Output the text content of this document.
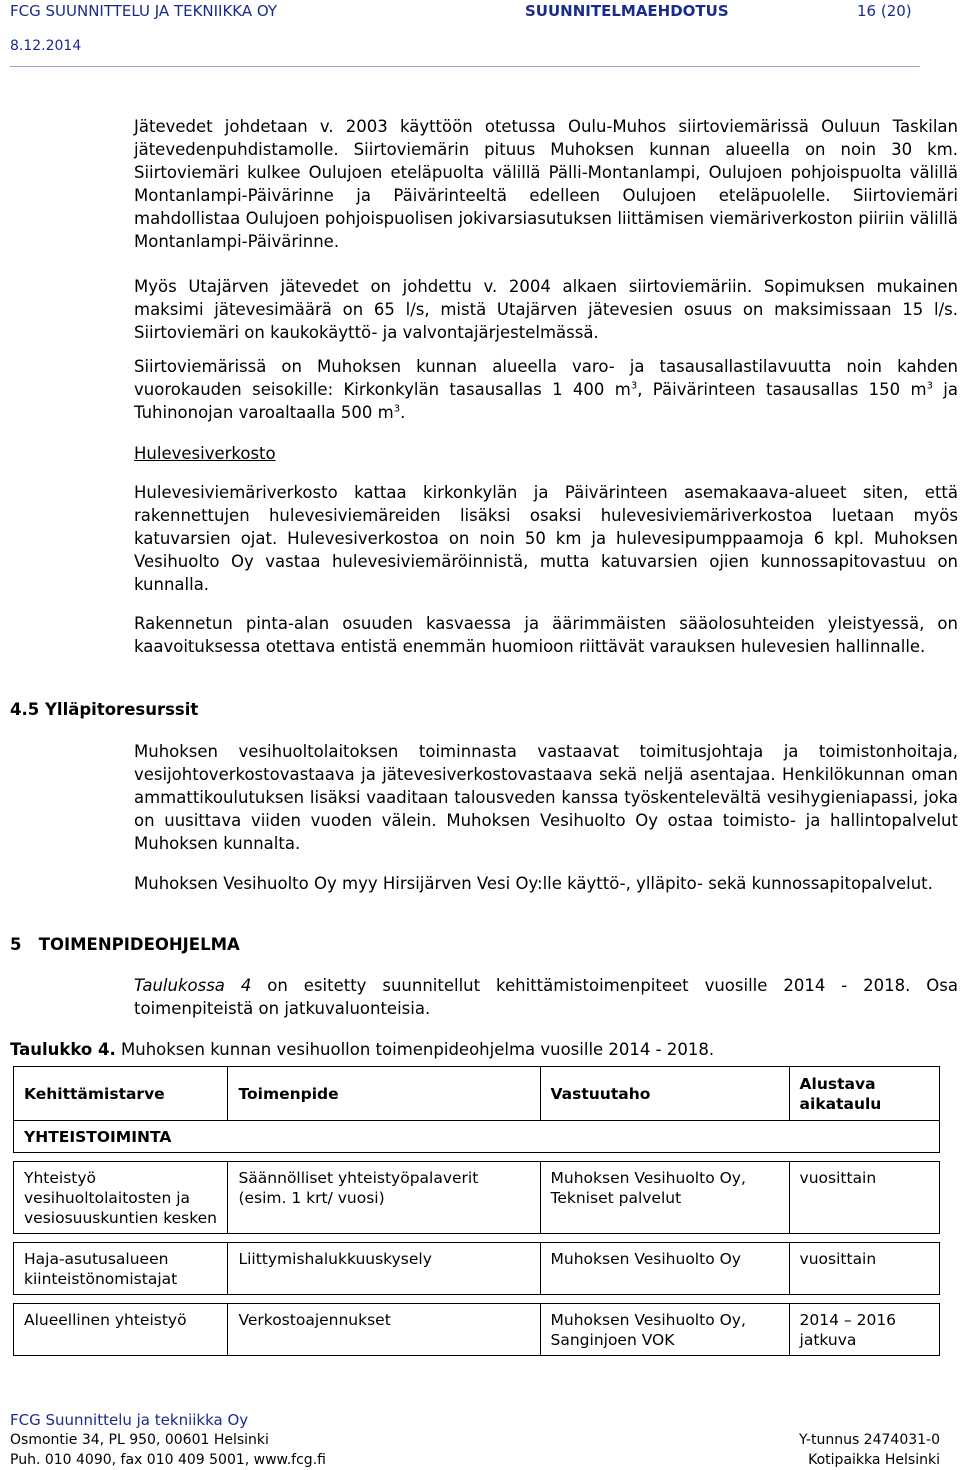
FCG SUUNNITTELU JA TEKNIIKKA OY	SUUNNITELMAEHDOTUS	16 (20)
8.12.2014

Jätevedet johdetaan v. 2003 käyttöön otetussa Oulu-Muhos siirtoviemärissä Ouluun Taskilan jätevedenpuhdistamolle. Siirtoviemärin pituus Muhoksen kunnan alueella on noin 30 km. Siirtoviemäri kulkee Oulujoen eteläpuolta välillä Pälli-Montanlampi, Oulujoen pohjoispuolta välillä Montanlampi-Päivärinne ja Päivärinteeltä edelleen Oulujoen eteläpuolelle. Siirtoviemäri mahdollistaa Oulujoen pohjoispuolisen jokivarsiasutuksen liittämisen viemäriverkoston piiriin välillä Montanlampi-Päivärinne.

Myös Utajärven jätevedet on johdettu v. 2004 alkaen siirtoviemäriin. Sopimuksen mukainen maksimi jätevesimäärä on 65 l/s, mistä Utajärven jätevesien osuus on maksimissaan 15 l/s. Siirtoviemäri on kaukokäyttö- ja valvontajärjestelmässä.

Siirtoviemärissä on Muhoksen kunnan alueella varo- ja tasausallastilavuutta noin kahden vuorokauden seisokille: Kirkonkylän tasausallas 1 400 $m^3$, Päivärinteen tasausallas 150 $m^3$ ja Tuhinonojan varoaltaalla 500 $m^3$.

Hulevesiverkosto

Hulevesiviemäriverkosto kattaa kirkonkylän ja Päivärinteen asemakaava-alueet siten, että rakennettujen hulevesiviemäreiden lisäksi osaksi hulevesiviemäriverkostoa luetaan myös katuvarsien ojat. Hulevesiverkostoa on noin 50 km ja hulevesipumppaamoja 6 kpl. Muhoksen Vesihuolto Oy vastaa hulevesiviemäröinnistä, mutta katuvarsien ojien kunnossapitovastuu on kunnalla.

Rakennetun pinta-alan osuuden kasvaessa ja äärimmäisten sääolosuhteiden yleistyessä, on kaavoituksessa otettava entistä enemmän huomioon riittävät varauksen hulevesien hallinnalle.

4.5 Ylläpitoresurssit

Muhoksen vesihuoltolaitoksen toiminnasta vastaavat toimitusjohtaja ja toimistonhoitaja, vesijohtoverkostovastaava ja jätevesiverkostovastaava sekä neljä asentajaa. Henkilökunnan oman ammattikoulutuksen lisäksi vaaditaan talousveden kanssa työskentelevältä vesihygieniapassi, joka on uusittava viiden vuoden välein. Muhoksen Vesihuolto Oy ostaa toimisto- ja hallintopalvelut Muhoksen kunnalta.

Muhoksen Vesihuolto Oy myy Hirsijärven Vesi Oy:lle käyttö-, ylläpito- sekä kunnossapitopalvelut.

5   TOIMENPIDEOHJELMA

Taulukossa 4 on esitetty suunnitellut kehittämistoimenpiteet vuosille 2014 - 2018. Osa toimenpiteistä on jatkuvaluonteisia.

Taulukko 4. Muhoksen kunnan vesihuollon toimenpideohjelma vuosille 2014 - 2018.
Kehittämistarve	Toimenpide	Vastuutaho	Alustava aikataulu
YHTEISTOIMINTA			

Yhteistyö vesihuoltolaitosten ja vesiosuuskuntien kesken	Säännölliset yhteistyöpalaverit (esim. 1 krt/ vuosi)	Muhoksen Vesihuolto Oy, Tekniset palvelut	vuosittain

Haja-asutusalueen kiinteistönomistajat	Liittymishalukkuuskysely	Muhoksen Vesihuolto Oy	vuosittain

Alueellinen yhteistyö	Verkostoajennukset	Muhoksen Vesihuolto Oy, Sanginjoen VOK	2014 – 2016 jatkuva
FCG Suunnittelu ja tekniikka Oy
Osmontie 34, PL 950, 00601 Helsinki	Y-tunnus 2474031-0
Puh. 010 4090, fax 010 409 5001, www.fcg.fi	Kotipaikka Helsinki
